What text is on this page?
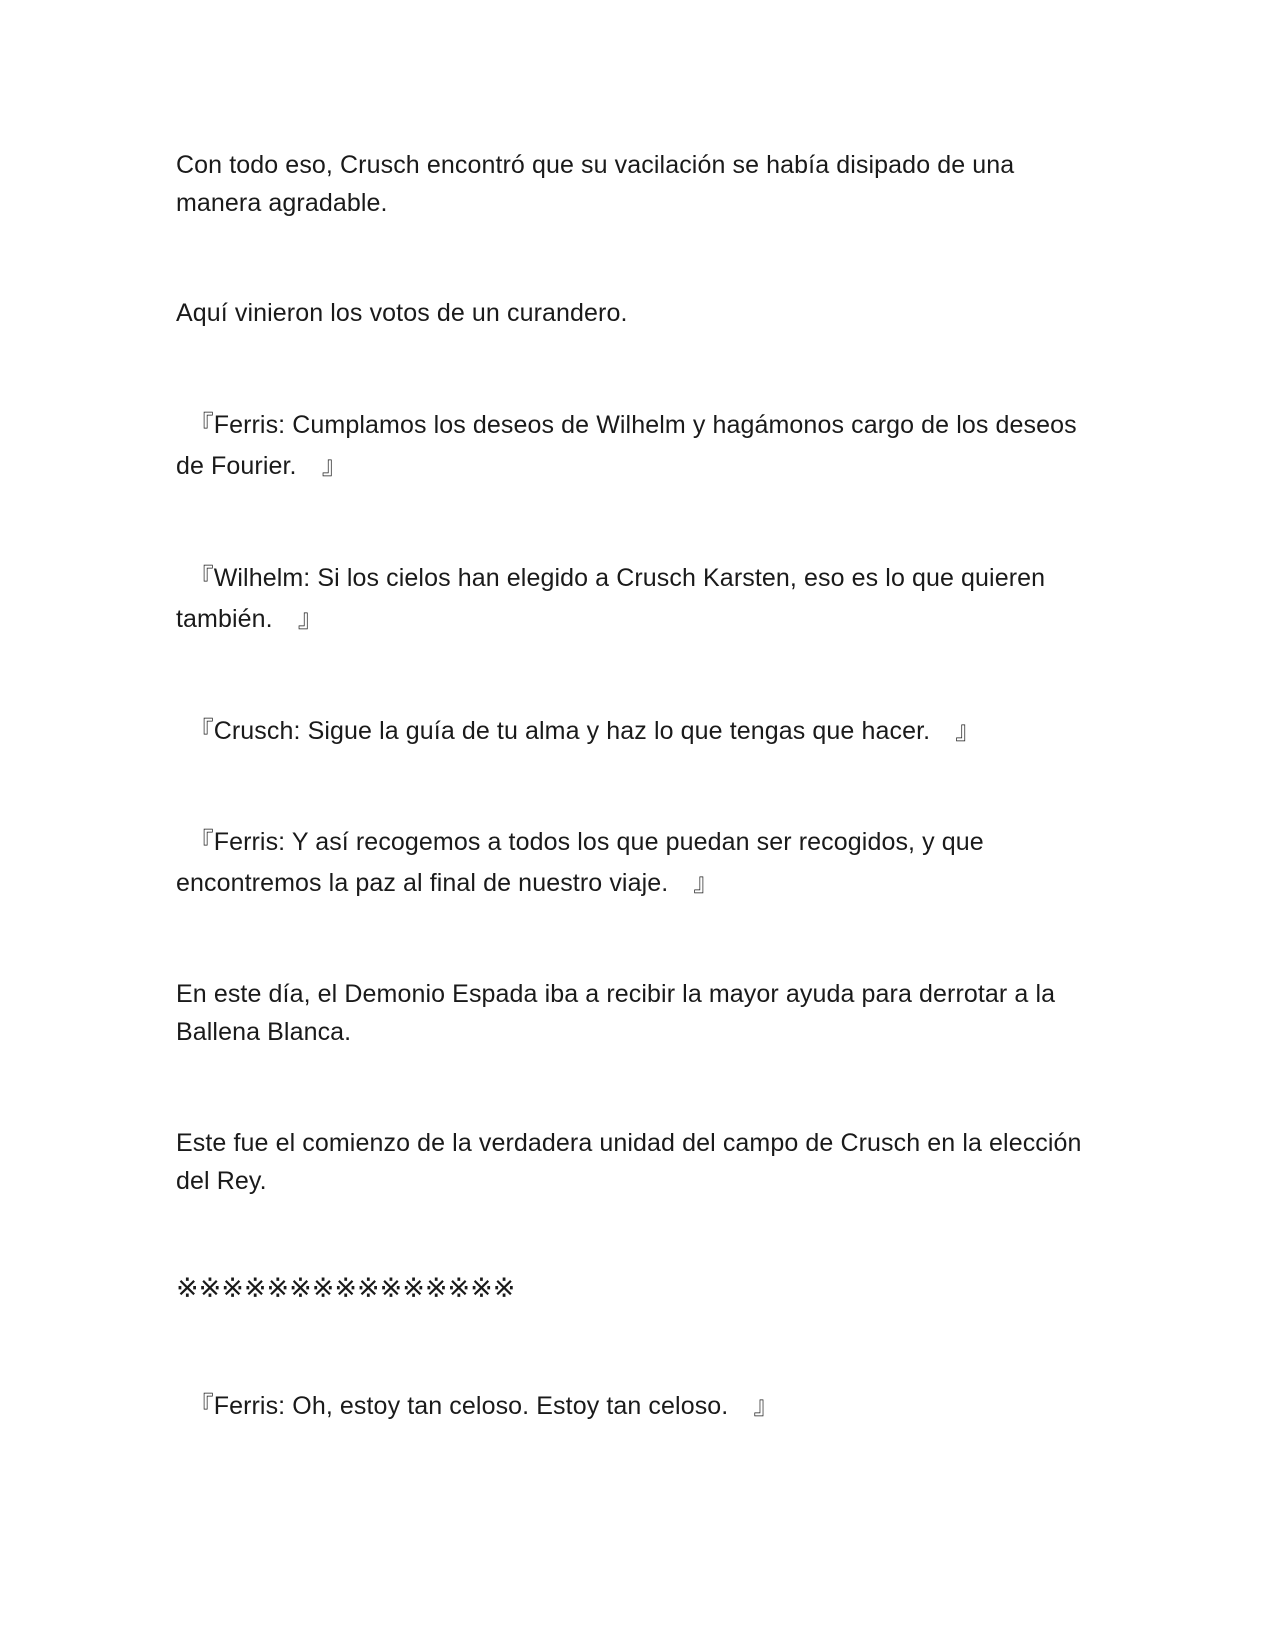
Con todo eso, Crusch encontró que su vacilación se había disipado de una manera agradable.

Aquí vinieron los votos de un curandero.

　『Ferris: Cumplamos los deseos de Wilhelm y hagámonos cargo de los deseos de Fourier.　』

　『Wilhelm: Si los cielos han elegido a Crusch Karsten, eso es lo que quieren también.　』

　『Crusch: Sigue la guía de tu alma y haz lo que tengas que hacer.　』

　『Ferris: Y así recogemos a todos los que puedan ser recogidos, y que encontremos la paz al final de nuestro viaje.　』

En este día, el Demonio Espada iba a recibir la mayor ayuda para derrotar a la Ballena Blanca.

Este fue el comienzo de la verdadera unidad del campo de Crusch en la elección del Rey.

※※※※※※※※※※※※※※※

　『Ferris: Oh, estoy tan celoso. Estoy tan celoso.　』
